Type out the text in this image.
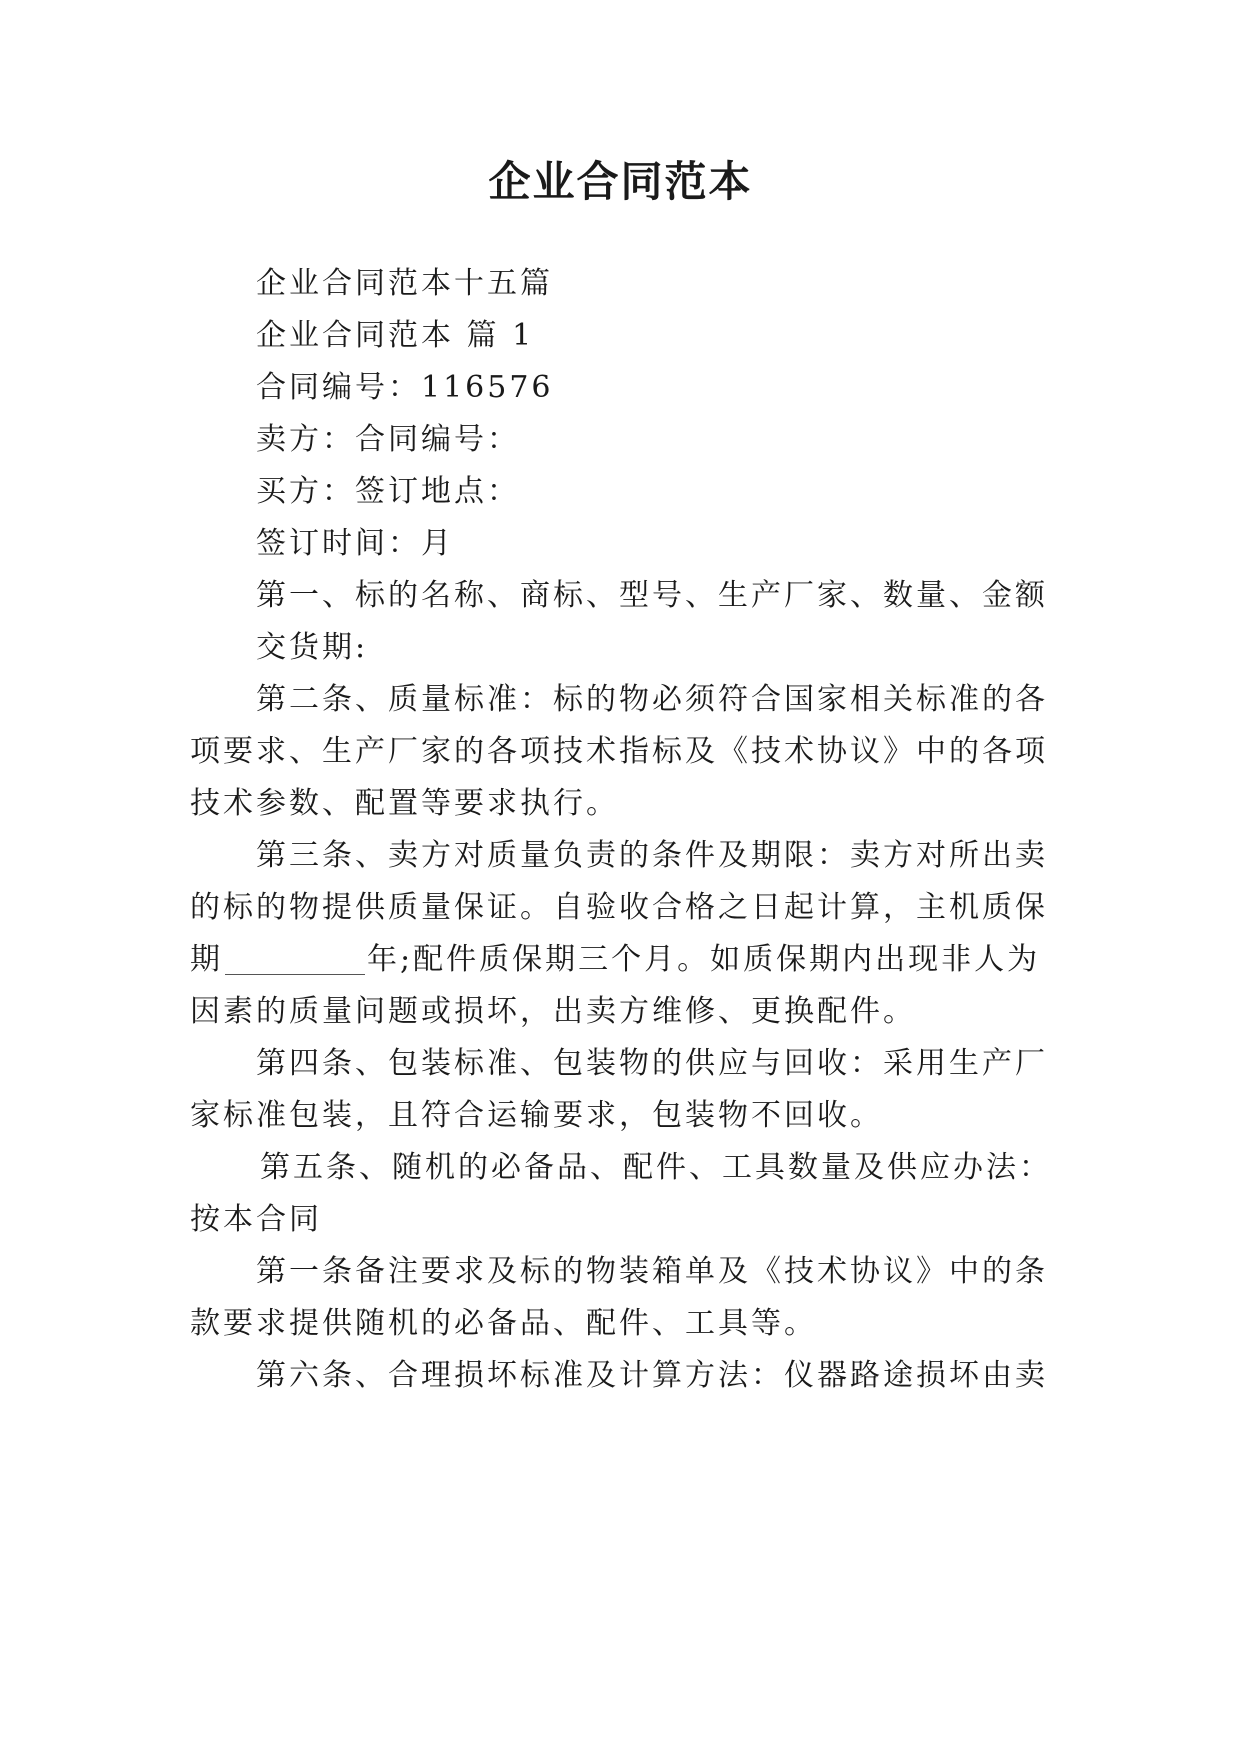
企业合同范本
企业合同范本十五篇
企业合同范本 篇 1
合同编号：116576
卖方：合同编号：
买方：签订地点：
签订时间：月
第一、标的名称、商标、型号、生产厂家、数量、金额
交货期:
第二条、质量标准：标的物必须符合国家相关标准的各
项要求、生产厂家的各项技术指标及《技术协议》中的各项
技术参数、配置等要求执行。
第三条、卖方对质量负责的条件及期限：卖方对所出卖
的标的物提供质量保证。自验收合格之日起计算，主机质保
期	年;配件质保期三个月。如质保期内出现非人为
因素的质量问题或损坏，出卖方维修、更换配件。
第四条、包装标准、包装物的供应与回收：采用生产厂
家标准包装，且符合运输要求，包装物不回收。
第五条、随机的必备品、配件、工具数量及供应办法：
按本合同
第一条备注要求及标的物装箱单及《技术协议》中的条
款要求提供随机的必备品、配件、工具等。
第六条、合理损坏标准及计算方法：仪器路途损坏由卖
